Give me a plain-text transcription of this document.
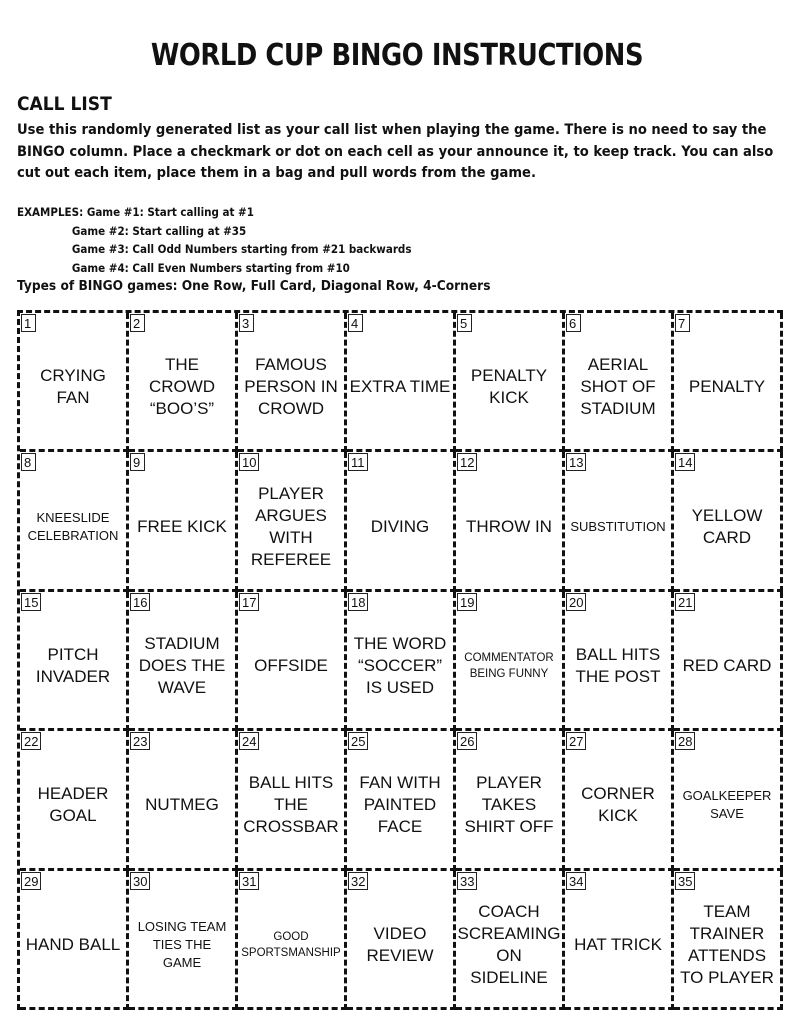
WORLD CUP BINGO INSTRUCTIONS
CALL LIST
Use this randomly generated list as your call list when playing the game. There is no need to say the BINGO column. Place a checkmark or dot on each cell as your announce it, to keep track. You can also cut out each item, place them in a bag and pull words from the game.
EXAMPLES: Game #1: Start calling at #1
Game #2: Start calling at #35
Game #3: Call Odd Numbers starting from #21 backwards
Game #4: Call Even Numbers starting from #10
Types of BINGO games: One Row, Full Card, Diagonal Row, 4-Corners
1
CRYING
FAN
2
THE
CROWD
“BOO’S”
3
FAMOUS
PERSON IN
CROWD
4
EXTRA TIME
5
PENALTY
KICK
6
AERIAL
SHOT OF
STADIUM
7
PENALTY
8
KNEESLIDE
CELEBRATION
9
FREE KICK
10
PLAYER
ARGUES
WITH
REFEREE
11
DIVING
12
THROW IN
13
SUBSTITUTION
14
YELLOW
CARD
15
PITCH
INVADER
16
STADIUM
DOES THE
WAVE
17
OFFSIDE
18
THE WORD
“SOCCER”
IS USED
19
COMMENTATOR
BEING FUNNY
20
BALL HITS
THE POST
21
RED CARD
22
HEADER
GOAL
23
NUTMEG
24
BALL HITS
THE
CROSSBAR
25
FAN WITH
PAINTED
FACE
26
PLAYER
TAKES
SHIRT OFF
27
CORNER
KICK
28
GOALKEEPER
SAVE
29
HAND BALL
30
LOSING TEAM
TIES THE
GAME
31
GOOD
SPORTSMANSHIP
32
VIDEO
REVIEW
33
COACH
SCREAMING
ON SIDELINE
34
HAT TRICK
35
TEAM
TRAINER
ATTENDS
TO PLAYER
